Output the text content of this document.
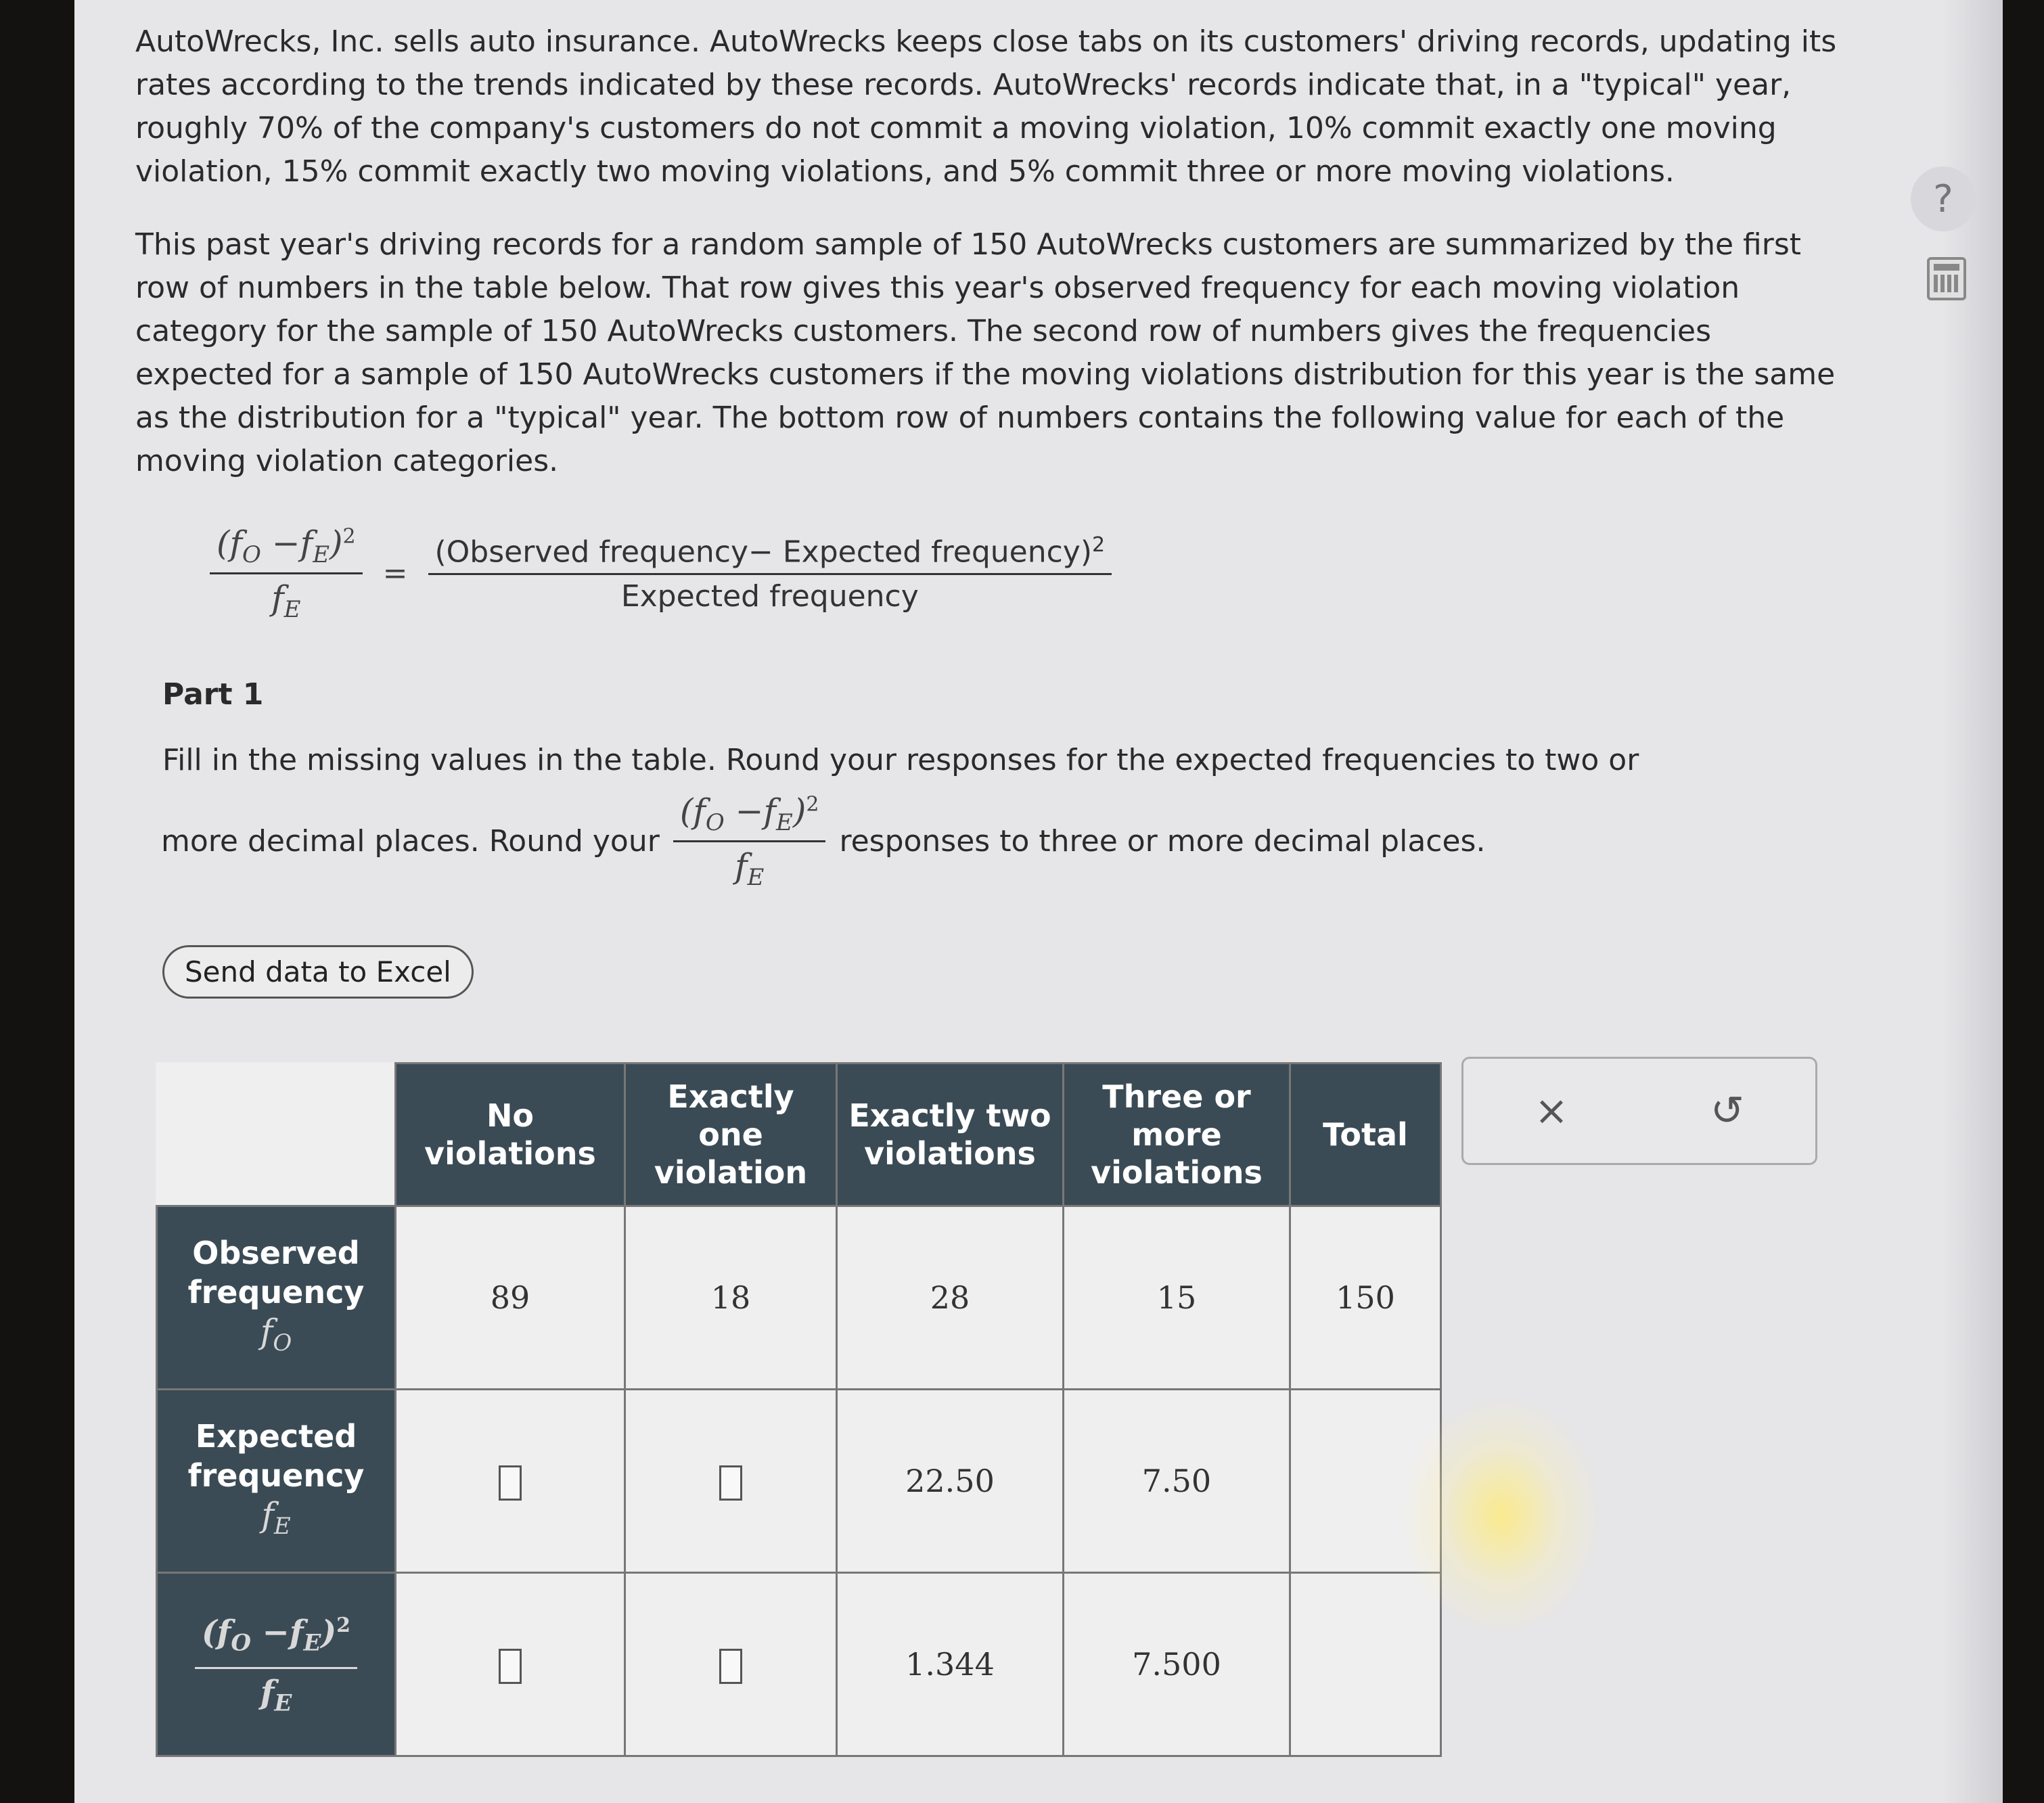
AutoWrecks, Inc. sells auto insurance. AutoWrecks keeps close tabs on its customers' driving records, updating its rates according to the trends indicated by these records. AutoWrecks' records indicate that, in a "typical" year, roughly 70% of the company's customers do not commit a moving violation, 10% commit exactly one moving violation, 15% commit exactly two moving violations, and 5% commit three or more moving violations.

This past year's driving records for a random sample of 150 AutoWrecks customers are summarized by the first row of numbers in the table below. That row gives this year's observed frequency for each moving violation category for the sample of 150 AutoWrecks customers. The second row of numbers gives the frequencies expected for a sample of 150 AutoWrecks customers if the moving violations distribution for this year is the same as the distribution for a "typical" year. The bottom row of numbers contains the following value for each of the moving violation categories.

$\frac{(f_O -f_E)^2}{f_E} = \frac{(Observed frequency- Expected frequency)^2}{\text{Expected frequency}}$
Part 1
Fill in the missing values in the table. Round your responses for the expected frequencies to two or
more decimal places. Round your $\frac{(f_O -f_E)^2}{f_E}$ responses to three or more decimal places.
Send data to Excel
	No violations	Exactly one violation	Exactly two violations	Three or more violations	Total

Observed frequency
$f_O$	89	18	28	15	150

Expected frequency
$f_E$			22.50	7.50	

$\frac{(f_O -f_E)^2}{f_E}$			1.344	7.500	
×	↺
?
